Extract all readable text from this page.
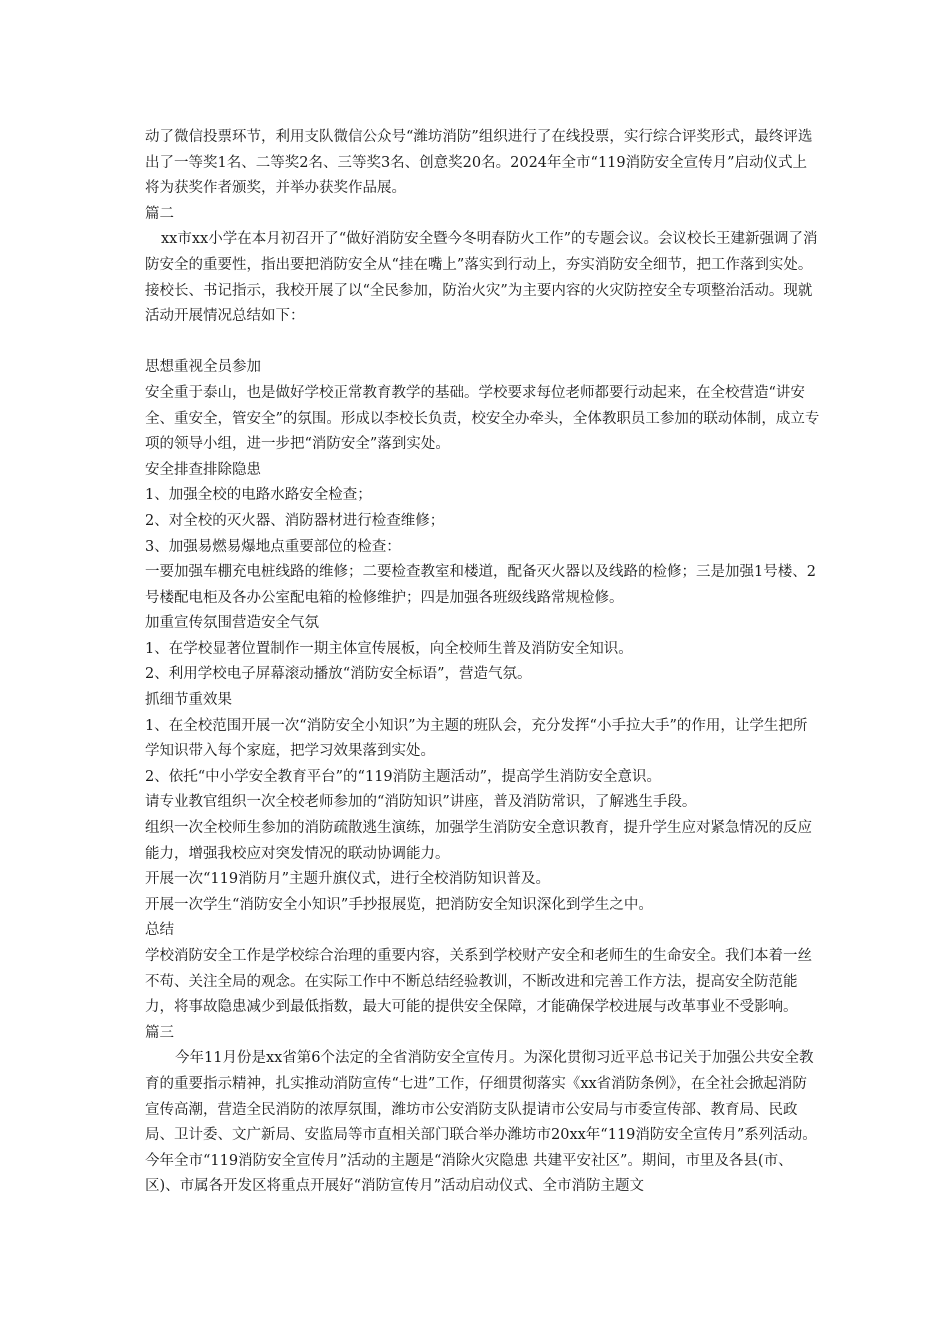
动了微信投票环节，利用支队微信公众号“潍坊消防”组织进行了在线投票，实行综合评奖形式，最终评选出了一等奖1名、二等奖2名、三等奖3名、创意奖20名。2024年全市“119消防安全宣传月”启动仪式上将为获奖作者颁奖，并举办获奖作品展。

篇二

xx市xx小学在本月初召开了“做好消防安全暨今冬明春防火工作”的专题会议。会议校长王建新强调了消防安全的重要性，指出要把消防安全从“挂在嘴上”落实到行动上，夯实消防安全细节，把工作落到实处。接校长、书记指示，我校开展了以“全民参加，防治火灾”为主要内容的火灾防控安全专项整治活动。现就活动开展情况总结如下：

思想重视全员参加

安全重于泰山，也是做好学校正常教育教学的基础。学校要求每位老师都要行动起来，在全校营造“讲安全、重安全，管安全”的氛围。形成以李校长负责，校安全办牵头，全体教职员工参加的联动体制，成立专项的领导小组，进一步把“消防安全”落到实处。

安全排查排除隐患

1、加强全校的电路水路安全检查；

2、对全校的灭火器、消防器材进行检查维修；

3、加强易燃易爆地点重要部位的检查：

一要加强车棚充电桩线路的维修；二要检查教室和楼道，配备灭火器以及线路的检修；三是加强1号楼、2号楼配电柜及各办公室配电箱的检修维护；四是加强各班级线路常规检修。

加重宣传氛围营造安全气氛

1、在学校显著位置制作一期主体宣传展板，向全校师生普及消防安全知识。

2、利用学校电子屏幕滚动播放“消防安全标语”，营造气氛。

抓细节重效果

1、在全校范围开展一次“消防安全小知识”为主题的班队会，充分发挥“小手拉大手”的作用，让学生把所学知识带入每个家庭，把学习效果落到实处。

2、依托“中小学安全教育平台”的“119消防主题活动”，提高学生消防安全意识。

请专业教官组织一次全校老师参加的“消防知识”讲座，普及消防常识，了解逃生手段。

组织一次全校师生参加的消防疏散逃生演练，加强学生消防安全意识教育，提升学生应对紧急情况的反应能力，增强我校应对突发情况的联动协调能力。

开展一次“119消防月”主题升旗仪式，进行全校消防知识普及。

开展一次学生“消防安全小知识”手抄报展览，把消防安全知识深化到学生之中。

总结

学校消防安全工作是学校综合治理的重要内容，关系到学校财产安全和老师生的生命安全。我们本着一丝不苟、关注全局的观念。在实际工作中不断总结经验教训，不断改进和完善工作方法，提高安全防范能力，将事故隐患减少到最低指数，最大可能的提供安全保障，才能确保学校进展与改革事业不受影响。

篇三

今年11月份是xx省第6个法定的全省消防安全宣传月。为深化贯彻习近平总书记关于加强公共安全教育的重要指示精神，扎实推动消防宣传“七进”工作，仔细贯彻落实《xx省消防条例》，在全社会掀起消防宣传高潮，营造全民消防的浓厚氛围，潍坊市公安消防支队提请市公安局与市委宣传部、教育局、民政局、卫计委、文广新局、安监局等市直相关部门联合举办潍坊市20xx年“119消防安全宣传月”系列活动。

今年全市“119消防安全宣传月”活动的主题是“消除火灾隐患 共建平安社区”。期间，市里及各县(市、区)、市属各开发区将重点开展好“消防宣传月”活动启动仪式、全市消防主题文
